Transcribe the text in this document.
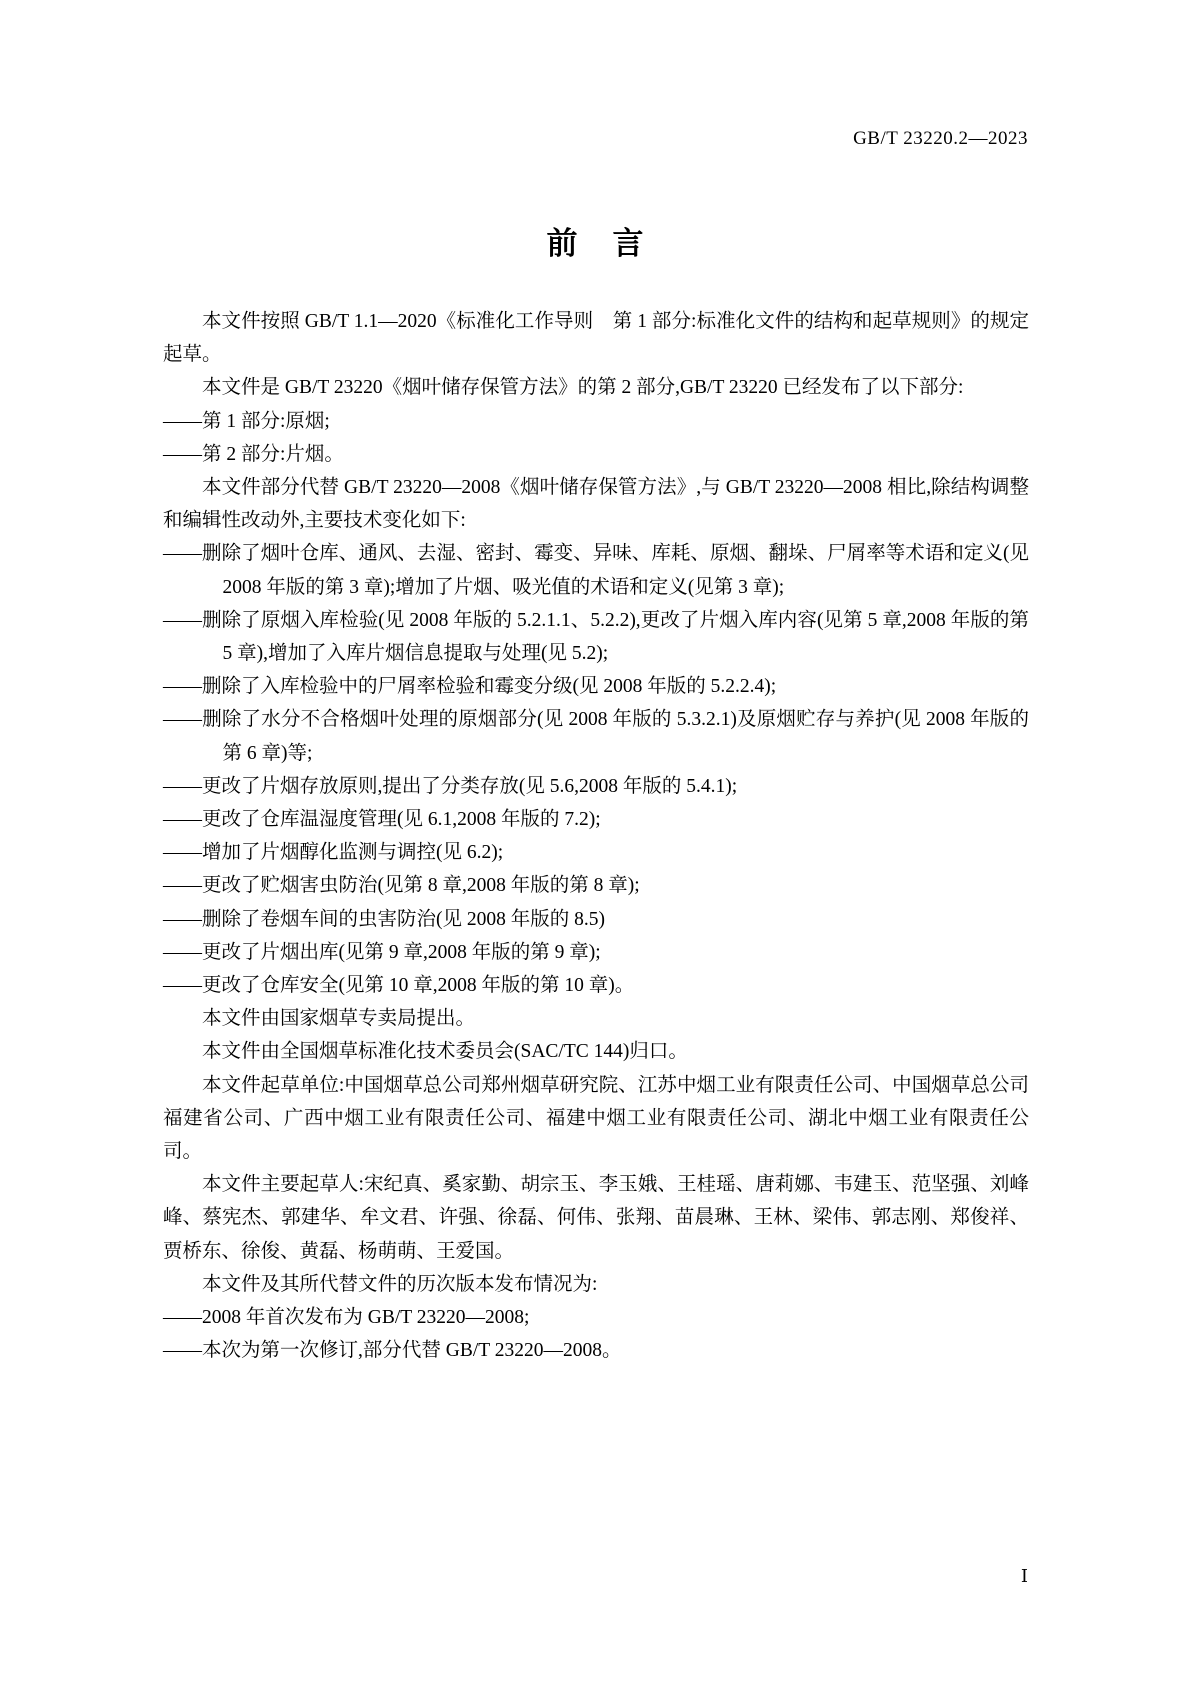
GB/T 23220.2—2023
前 言

本文件按照 GB/T 1.1—2020《标准化工作导则　第 1 部分:标准化文件的结构和起草规则》的规定起草。

本文件是 GB/T 23220《烟叶储存保管方法》的第 2 部分,GB/T 23220 已经发布了以下部分:

——第 1 部分:原烟;

——第 2 部分:片烟。

本文件部分代替 GB/T 23220—2008《烟叶储存保管方法》,与 GB/T 23220—2008 相比,除结构调整和编辑性改动外,主要技术变化如下:

——删除了烟叶仓库、通风、去湿、密封、霉变、异味、库耗、原烟、翻垛、尸屑率等术语和定义(见 2008 年版的第 3 章);增加了片烟、吸光值的术语和定义(见第 3 章);

——删除了原烟入库检验(见 2008 年版的 5.2.1.1、5.2.2),更改了片烟入库内容(见第 5 章,2008 年版的第 5 章),增加了入库片烟信息提取与处理(见 5.2);

——删除了入库检验中的尸屑率检验和霉变分级(见 2008 年版的 5.2.2.4);

——删除了水分不合格烟叶处理的原烟部分(见 2008 年版的 5.3.2.1)及原烟贮存与养护(见 2008 年版的第 6 章)等;

——更改了片烟存放原则,提出了分类存放(见 5.6,2008 年版的 5.4.1);

——更改了仓库温湿度管理(见 6.1,2008 年版的 7.2);

——增加了片烟醇化监测与调控(见 6.2);

——更改了贮烟害虫防治(见第 8 章,2008 年版的第 8 章);

——删除了卷烟车间的虫害防治(见 2008 年版的 8.5)

——更改了片烟出库(见第 9 章,2008 年版的第 9 章);

——更改了仓库安全(见第 10 章,2008 年版的第 10 章)。

本文件由国家烟草专卖局提出。

本文件由全国烟草标准化技术委员会(SAC/TC 144)归口。

本文件起草单位:中国烟草总公司郑州烟草研究院、江苏中烟工业有限责任公司、中国烟草总公司福建省公司、广西中烟工业有限责任公司、福建中烟工业有限责任公司、湖北中烟工业有限责任公司。

本文件主要起草人:宋纪真、奚家勤、胡宗玉、李玉娥、王桂瑶、唐莉娜、韦建玉、范坚强、刘峰峰、蔡宪杰、郭建华、牟文君、许强、徐磊、何伟、张翔、苗晨琳、王林、梁伟、郭志刚、郑俊祥、贾桥东、徐俊、黄磊、杨萌萌、王爱国。

本文件及其所代替文件的历次版本发布情况为:

——2008 年首次发布为 GB/T 23220—2008;

——本次为第一次修订,部分代替 GB/T 23220—2008。

Ⅰ
